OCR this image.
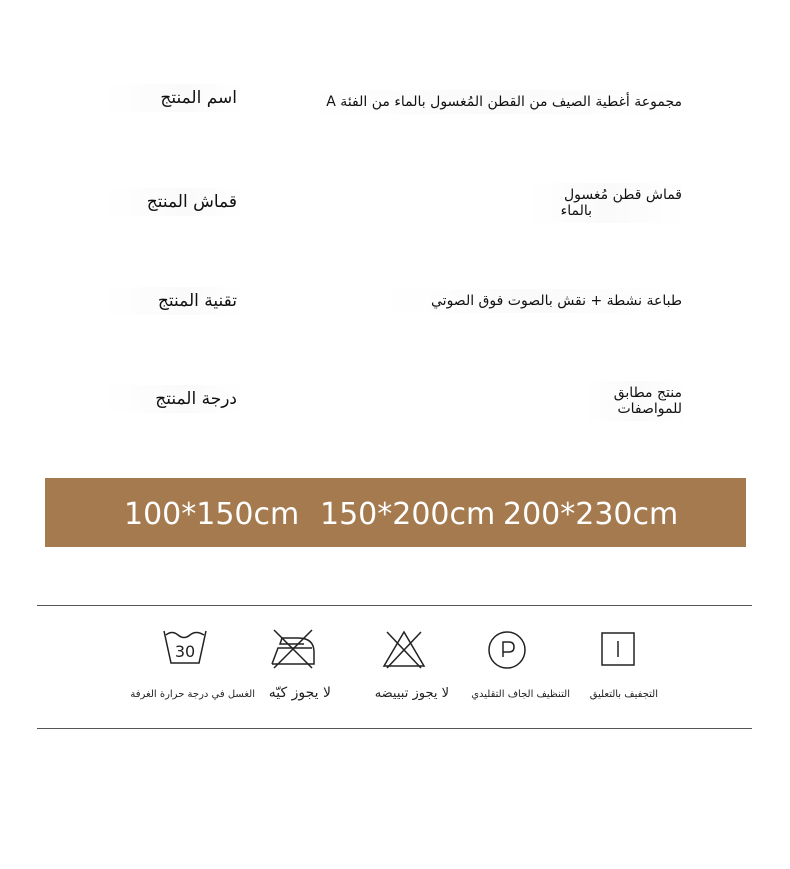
اسم المنتج	مجموعة أغطية الصيف من القطن المُغسول بالماء من الفئة A
قماش المنتج	قماش قطن مُغسول
بالماء
تقنية المنتج	طباعة نشطة + نقش بالصوت فوق الصوتي
درجة المنتج	منتج مطابق
للمواصفات
100*150cm 150*200cm 200*230cm
30
الغسل في درجة حرارة الغرفة لا يجوز كيّه	لا يجوز تبييضه	التنظيف الجاف التقليدي	التجفيف بالتعليق
